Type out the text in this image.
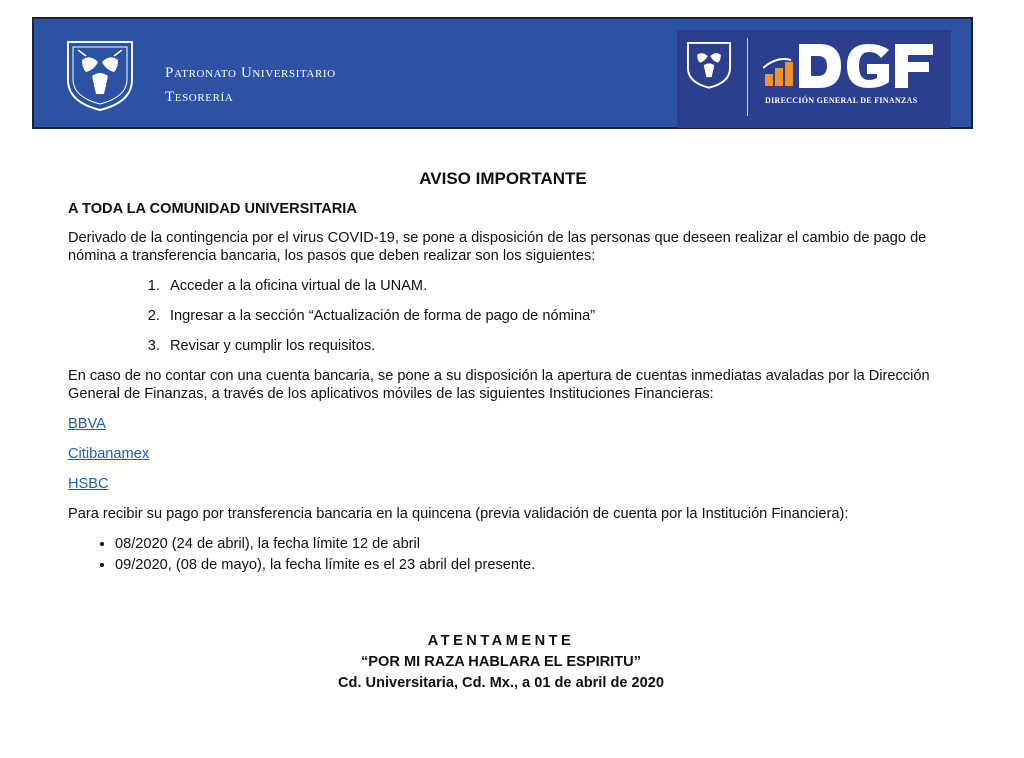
Patronato Universitario
Tesorería	DIRECCIÓN GENERAL DE FINANZAS
AVISO IMPORTANTE
A TODA LA COMUNIDAD UNIVERSITARIA
Derivado de la contingencia por el virus COVID-19, se pone a disposición de las personas que deseen realizar el cambio de pago de nómina a transferencia bancaria, los pasos que deben realizar son los siguientes:
1. Acceder a la oficina virtual de la UNAM.
2. Ingresar a la sección “Actualización de forma de pago de nómina”
3. Revisar y cumplir los requisitos.
En caso de no contar con una cuenta bancaria, se pone a su disposición la apertura de cuentas inmediatas avaladas por la Dirección General de Finanzas, a través de los aplicativos móviles de las siguientes Instituciones Financieras:
BBVA
Citibanamex
HSBC
Para recibir su pago por transferencia bancaria en la quincena (previa validación de cuenta por la Institución Financiera):
• 08/2020 (24 de abril), la fecha límite 12 de abril
• 09/2020, (08 de mayo), la fecha límite es el 23 abril del presente.
ATENTAMENTE
“POR MI RAZA HABLARA EL ESPIRITU”
Cd. Universitaria, Cd. Mx., a 01 de abril de 2020
